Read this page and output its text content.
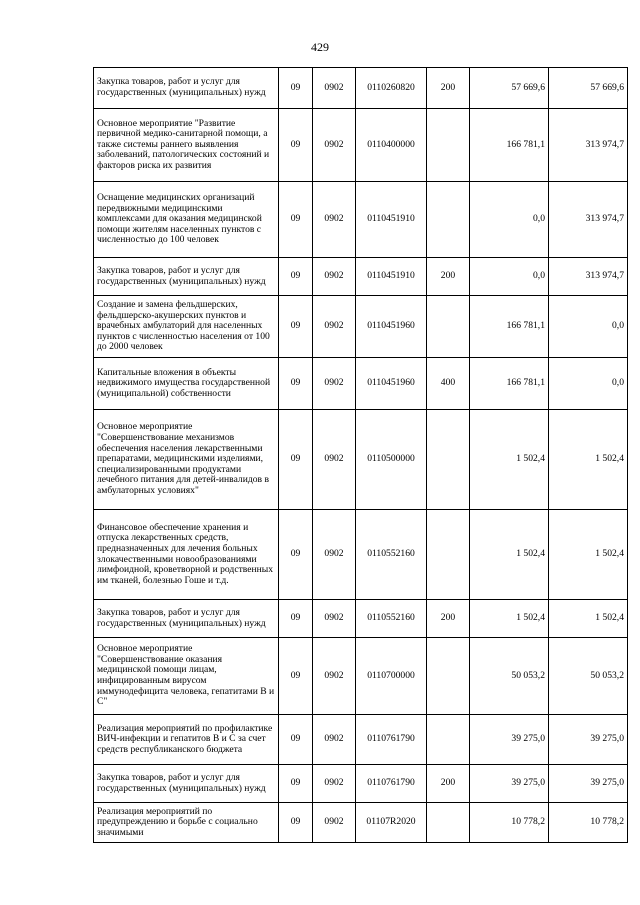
429
Закупка товаров, работ и услуг для государственных (муниципальных) нужд	09	0902	0110260820	200	57 669,6	57 669,6
Основное мероприятие "Развитие первичной медико-санитарной помощи, а также системы раннего выявления заболеваний, патологических состояний и факторов риска их развития	09	0902	0110400000		166 781,1	313 974,7
Оснащение медицинских организаций передвижными медицинскими комплексами для оказания медицинской помощи жителям населенных пунктов с численностью до 100 человек	09	0902	0110451910		0,0	313 974,7
Закупка товаров, работ и услуг для государственных (муниципальных) нужд	09	0902	0110451910	200	0,0	313 974,7
Создание и замена фельдшерских, фельдшерско-акушерских пунктов и врачебных амбулаторий для населенных пунктов с численностью населения от 100 до 2000 человек	09	0902	0110451960		166 781,1	0,0
Капитальные вложения в объекты недвижимого имущества государственной (муниципальной) собственности	09	0902	0110451960	400	166 781,1	0,0
Основное мероприятие "Совершенствование механизмов обеспечения населения лекарственными препаратами, медицинскими изделиями, специализированными продуктами лечебного питания для детей-инвалидов в амбулаторных условиях"	09	0902	0110500000		1 502,4	1 502,4
Финансовое обеспечение хранения и отпуска лекарственных средств, предназначенных для лечения больных злокачественными новообразованиями лимфоидной, кроветворной и родственных им тканей, болезнью Гоше и т.д.	09	0902	0110552160		1 502,4	1 502,4
Закупка товаров, работ и услуг для государственных (муниципальных) нужд	09	0902	0110552160	200	1 502,4	1 502,4
Основное мероприятие "Совершенствование оказания медицинской помощи лицам, инфицированным вирусом иммунодефицита человека, гепатитами В и С"	09	0902	0110700000		50 053,2	50 053,2
Реализация мероприятий по профилактике ВИЧ-инфекции и гепатитов В и С за счет средств республиканского бюджета	09	0902	0110761790		39 275,0	39 275,0
Закупка товаров, работ и услуг для государственных (муниципальных) нужд	09	0902	0110761790	200	39 275,0	39 275,0
Реализация мероприятий по предупреждению и борьбе с социально значимыми	09	0902	01107R2020		10 778,2	10 778,2
